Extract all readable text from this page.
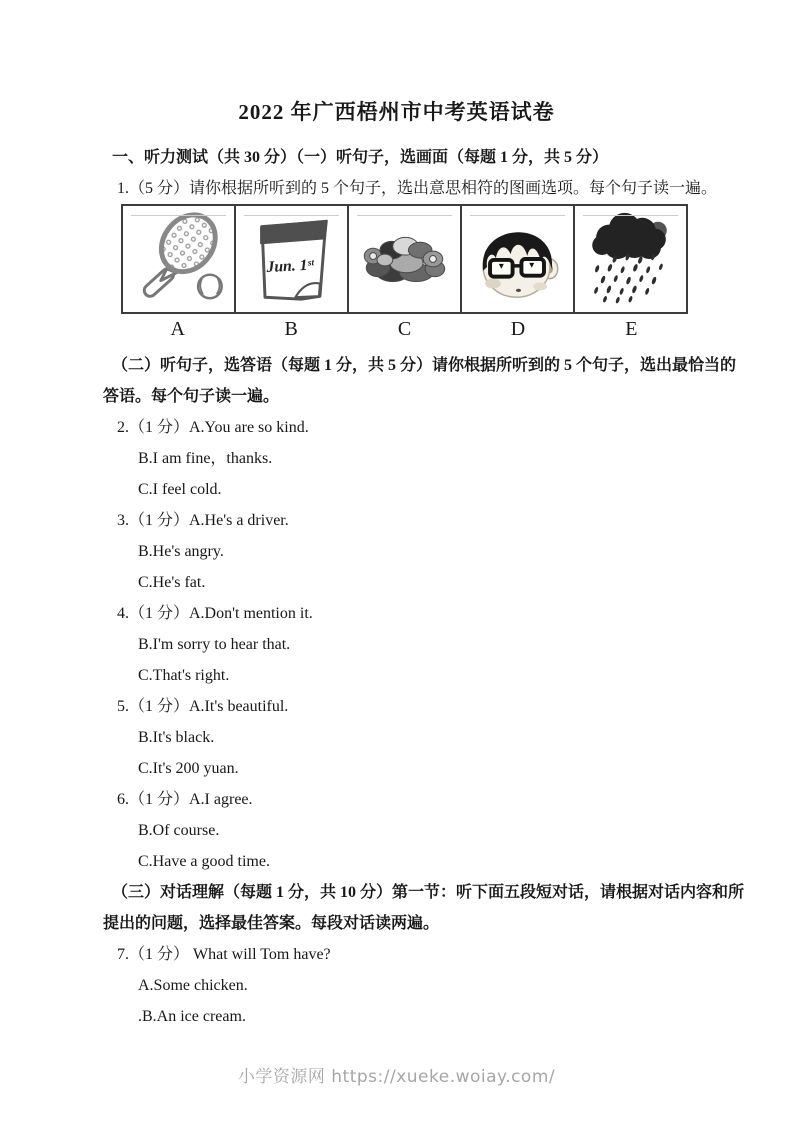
2022 年广西梧州市中考英语试卷
一、听力测试（共 30 分）（一）听句子，选画面（每题 1 分，共 5 分）
1.（5 分）请你根据所听到的 5 个句子，选出意思相符的图画选项。每个句子读一遍。
Jun. 1ˢᵗ
A	B	C	D	E
（二）听句子，选答语（每题 1 分，共 5 分）请你根据所听到的 5 个句子，选出最恰当的
答语。每个句子读一遍。
2.（1 分）A.You are so kind.
B.I am fine，thanks.
C.I feel cold.
3.（1 分）A.He's a driver.
B.He's angry.
C.He's fat.
4.（1 分）A.Don't mention it.
B.I'm sorry to hear that.
C.That's right.
5.（1 分）A.It's beautiful.
B.It's black.
C.It's 200 yuan.
6.（1 分）A.I agree.
B.Of course.
C.Have a good time.
（三）对话理解（每题 1 分，共 10 分）第一节：听下面五段短对话，请根据对话内容和所
提出的问题，选择最佳答案。每段对话读两遍。
7.（1 分） What will Tom have?
A.Some chicken.
.B.An ice cream.
小学资源网 https://xueke.woiay.com/
